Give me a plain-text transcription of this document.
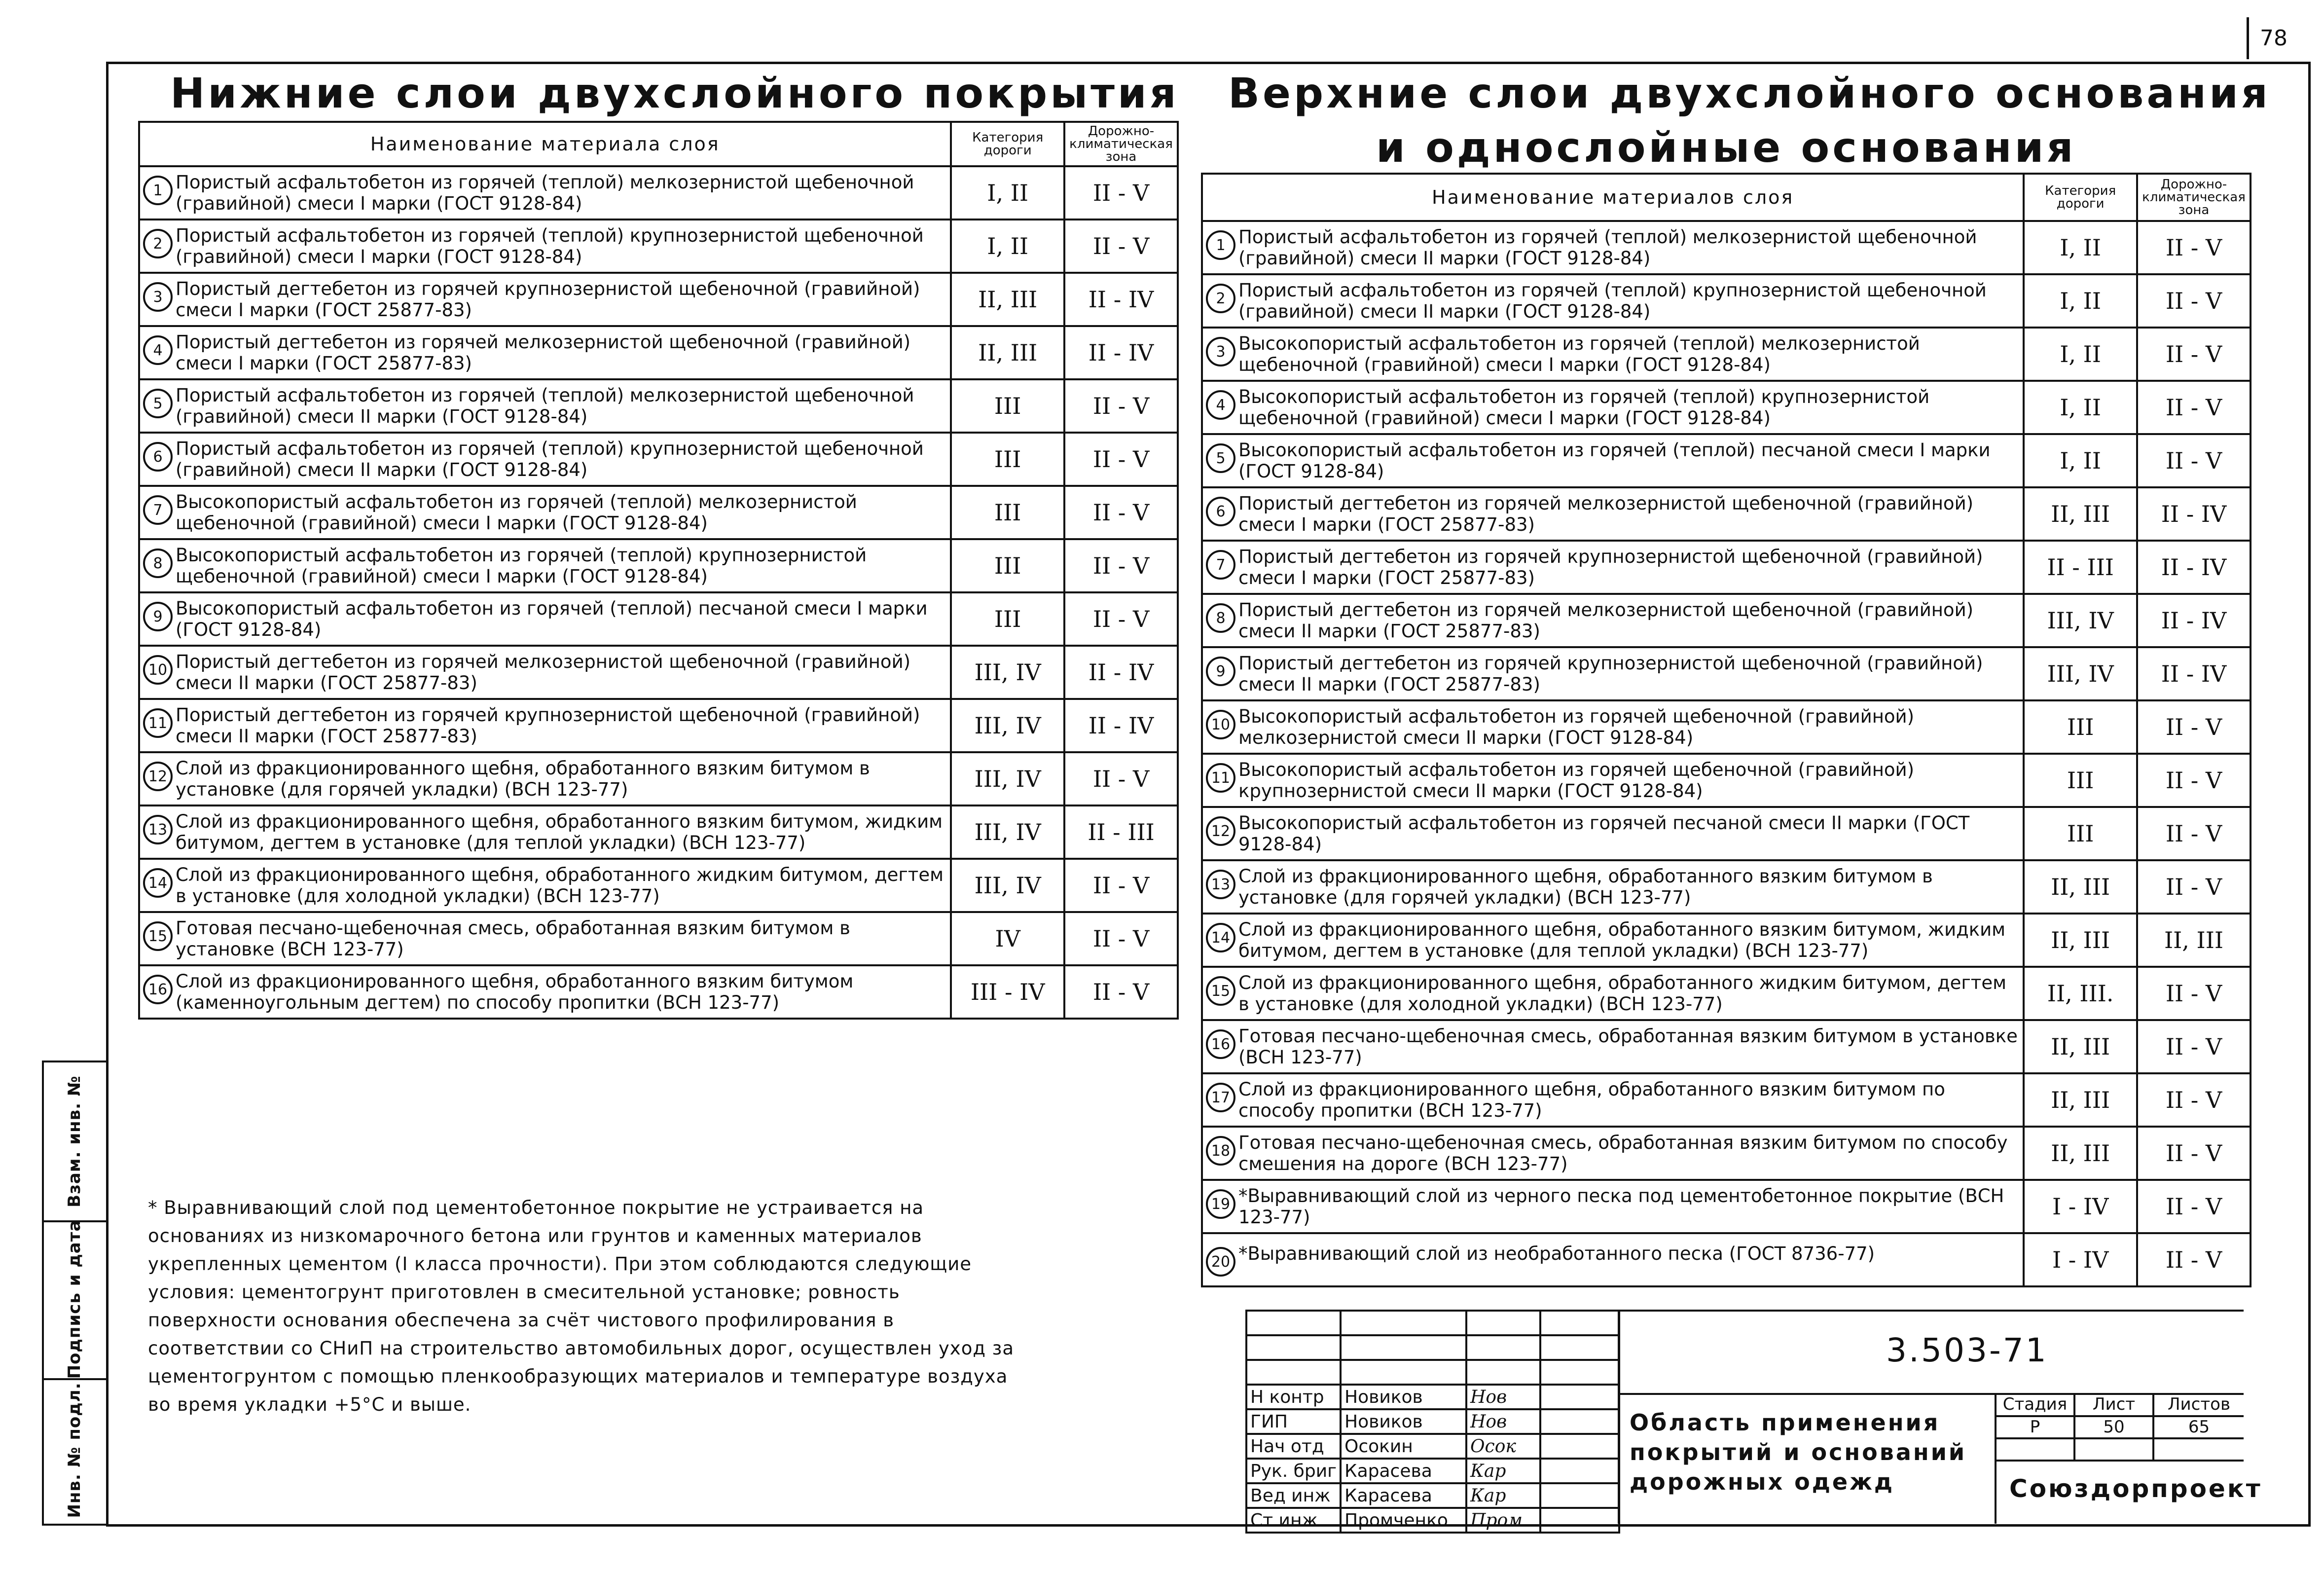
78
Взам. инв. №
Подпись и дата
Инв. № подл.
Нижние слои двухслойного покрытия Верхние слои двухслойного основания
и однослойные основания
Наименование материала слоя	Категория дороги	Дорожно-климатическая зона

1 Пористый асфальтобетон из горячей (теплой) мелкозернистой щебеночной (гравийной) смеси I марки (ГОСТ 9128-84)	I, II	II - V

2 Пористый асфальтобетон из горячей (теплой) крупнозернистой щебеночной (гравийной) смеси I марки (ГОСТ 9128-84)	I, II	II - V

3 Пористый дегтебетон из горячей крупнозернистой щебеночной (гравийной) смеси I марки (ГОСТ 25877-83)	II, III	II - IV

4 Пористый дегтебетон из горячей мелкозернистой щебеночной (гравийной) смеси I марки (ГОСТ 25877-83)	II, III	II - IV

5 Пористый асфальтобетон из горячей (теплой) мелкозернистой щебеночной (гравийной) смеси II марки (ГОСТ 9128-84)	III	II - V

6 Пористый асфальтобетон из горячей (теплой) крупнозернистой щебеночной (гравийной) смеси II марки (ГОСТ 9128-84)	III	II - V

7 Высокопористый асфальтобетон из горячей (теплой) мелкозернистой щебеночной (гравийной) смеси I марки (ГОСТ 9128-84)	III	II - V

8 Высокопористый асфальтобетон из горячей (теплой) крупнозернистой щебеночной (гравийной) смеси I марки (ГОСТ 9128-84)	III	II - V

9 Высокопористый асфальтобетон из горячей (теплой) песчаной смеси I марки (ГОСТ 9128-84)	III	II - V

10 Пористый дегтебетон из горячей мелкозернистой щебеночной (гравийной) смеси II марки (ГОСТ 25877-83)	III, IV	II - IV

11 Пористый дегтебетон из горячей крупнозернистой щебеночной (гравийной) смеси II марки (ГОСТ 25877-83)	III, IV	II - IV

12 Слой из фракционированного щебня, обработанного вязким битумом в установке (для горячей укладки) (ВСН 123-77)	III, IV	II - V

13 Слой из фракционированного щебня, обработанного вязким битумом, жидким битумом, дегтем в установке (для теплой укладки) (ВСН 123-77)	III, IV	II - III

14 Слой из фракционированного щебня, обработанного жидким битумом, дегтем в установке (для холодной укладки) (ВСН 123-77)	III, IV	II - V

15 Готовая песчано-щебеночная смесь, обработанная вязким битумом в установке (ВСН 123-77)	IV	II - V

16 Слой из фракционированного щебня, обработанного вязким битумом (каменноугольным дегтем) по способу пропитки (ВСН 123-77)	III - IV	II - V
Наименование материалов слоя	Категория дороги	Дорожно-климатическая зона

1 Пористый асфальтобетон из горячей (теплой) мелкозернистой щебеночной (гравийной) смеси II марки (ГОСТ 9128-84)	I, II	II - V

2 Пористый асфальтобетон из горячей (теплой) крупнозернистой щебеночной (гравийной) смеси II марки (ГОСТ 9128-84)	I, II	II - V

3 Высокопористый асфальтобетон из горячей (теплой) мелкозернистой щебеночной (гравийной) смеси I марки (ГОСТ 9128-84)	I, II	II - V

4 Высокопористый асфальтобетон из горячей (теплой) крупнозернистой щебеночной (гравийной) смеси I марки (ГОСТ 9128-84)	I, II	II - V

5 Высокопористый асфальтобетон из горячей (теплой) песчаной смеси I марки (ГОСТ 9128-84)	I, II	II - V

6 Пористый дегтебетон из горячей мелкозернистой щебеночной (гравийной) смеси I марки (ГОСТ 25877-83)	II, III	II - IV

7 Пористый дегтебетон из горячей крупнозернистой щебеночной (гравийной) смеси I марки (ГОСТ 25877-83)	II - III	II - IV

8 Пористый дегтебетон из горячей мелкозернистой щебеночной (гравийной) смеси II марки (ГОСТ 25877-83)	III, IV	II - IV

9 Пористый дегтебетон из горячей крупнозернистой щебеночной (гравийной) смеси II марки (ГОСТ 25877-83)	III, IV	II - IV

10 Высокопористый асфальтобетон из горячей щебеночной (гравийной) мелкозернистой смеси II марки (ГОСТ 9128-84)	III	II - V

11 Высокопористый асфальтобетон из горячей щебеночной (гравийной) крупнозернистой смеси II марки (ГОСТ 9128-84)	III	II - V

12 Высокопористый асфальтобетон из горячей песчаной смеси II марки (ГОСТ 9128-84)	III	II - V

13 Слой из фракционированного щебня, обработанного вязким битумом в установке (для горячей укладки) (ВСН 123-77)	II, III	II - V

14 Слой из фракционированного щебня, обработанного вязким битумом, жидким битумом, дегтем в установке (для теплой укладки) (ВСН 123-77)	II, III	II, III

15 Слой из фракционированного щебня, обработанного жидким битумом, дегтем в установке (для холодной укладки) (ВСН 123-77)	II, III.	II - V

16 Готовая песчано-щебеночная смесь, обработанная вязким битумом в установке (ВСН 123-77)	II, III	II - V

17 Слой из фракционированного щебня, обработанного вязким битумом по способу пропитки (ВСН 123-77)	II, III	II - V

18 Готовая песчано-щебеночная смесь, обработанная вязким битумом по способу смешения на дороге (ВСН 123-77)	II, III	II - V

19 *Выравнивающий слой из черного песка под цементобетонное покрытие (ВСН 123-77)	I - IV	II - V

20 *Выравнивающий слой из необработанного песка (ГОСТ 8736-77)	I - IV	II - V
* Выравнивающий слой под цементобетонное покрытие не устраивается на основаниях из низкомарочного бетона или грунтов и каменных материалов укрепленных цементом (I класса прочности). При этом соблюдаются следующие условия: цементогрунт приготовлен в смесительной установке; ровность поверхности основания обеспечена за счёт чистового профилирования в соответствии со СНиП на строительство автомобильных дорог, осуществлен уход за цементогрунтом с помощью пленкообразующих материалов и температуре воздуха во время укладки +5°С и выше.

				Н контр	Новиков	Нов	
ГИП	Новиков	Нов	
Нач отд	Осокин	Осок	
Рук. бриг	Карасева	Кар	
Вед инж	Карасева	Кар	
Ст инж	Промченко	Пром	
3.503-71
Область применения
покрытий и оснований
дорожных одежд
Стадия	Лист	Листов
Р	50	65
Союздорпроект
